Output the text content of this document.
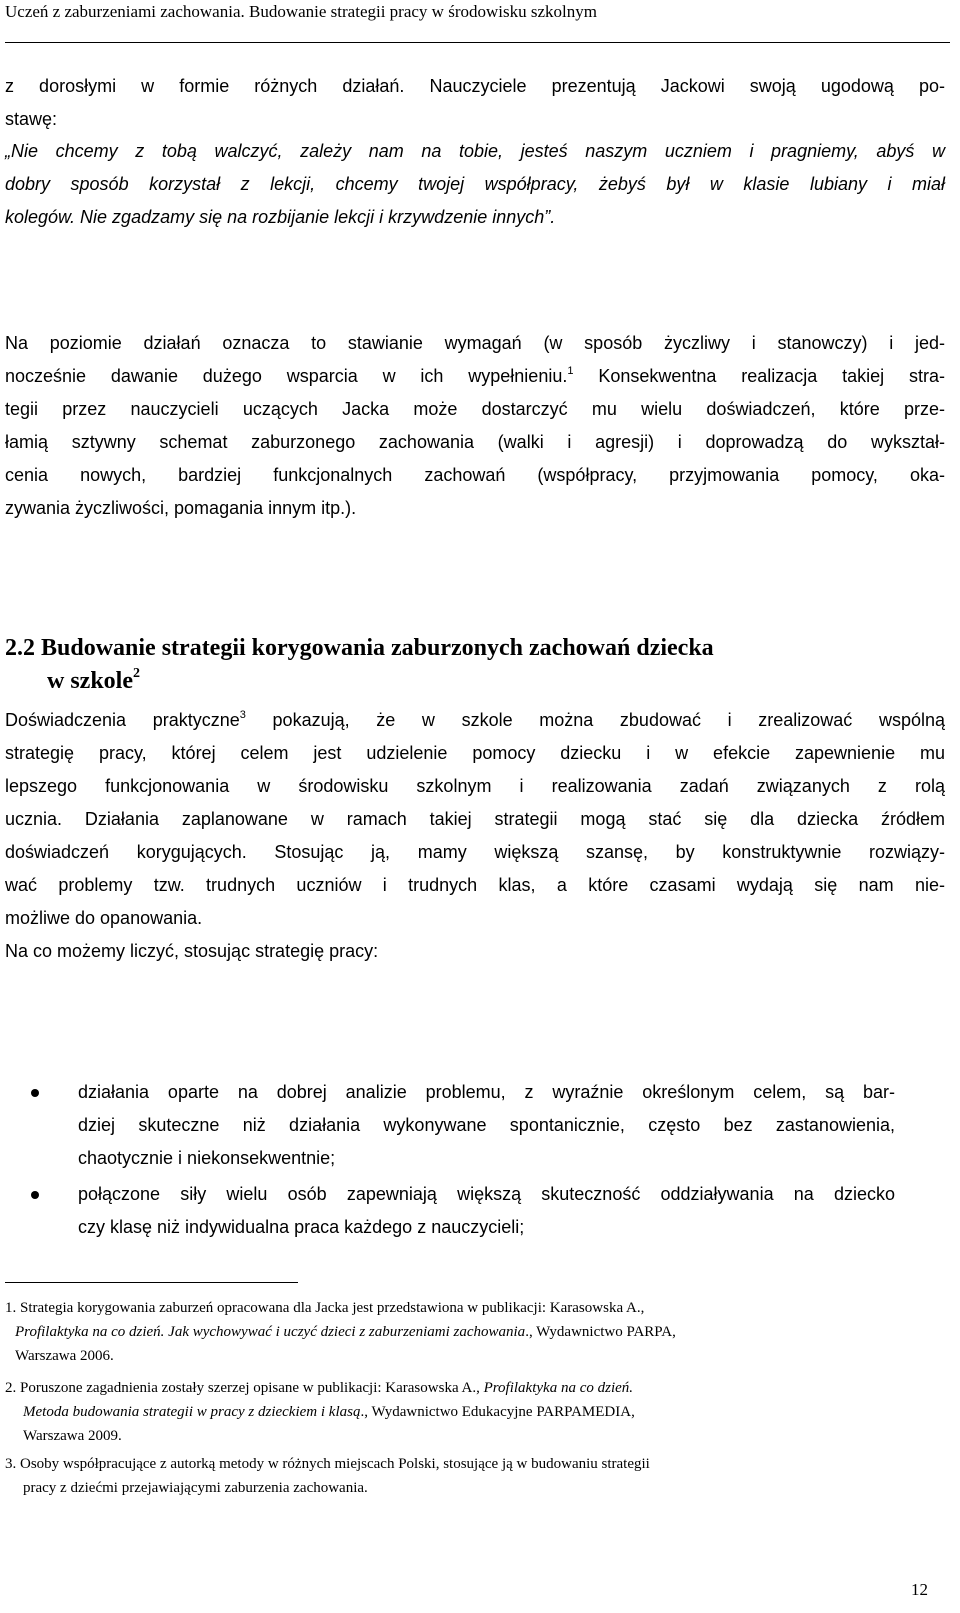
Uczeń z zaburzeniami zachowania. Budowanie strategii pracy w środowisku szkolnym
z dorosłymi w formie różnych działań. Nauczyciele prezentują Jackowi swoją ugodową po-
stawę:
„Nie chcemy z tobą walczyć, zależy nam na tobie, jesteś naszym uczniem i pragniemy, abyś w
dobry sposób korzystał z lekcji, chcemy twojej współpracy, żebyś był w klasie lubiany i miał
kolegów. Nie zgadzamy się na rozbijanie lekcji i krzywdzenie innych”.
Na poziomie działań oznacza to stawianie wymagań (w sposób życzliwy i stanowczy) i jed-
nocześnie dawanie dużego wsparcia w ich wypełnieniu.$^1$ Konsekwentna realizacja takiej stra-
tegii przez nauczycieli uczących Jacka może dostarczyć mu wielu doświadczeń, które prze-
łamią sztywny schemat zaburzonego zachowania (walki i agresji) i doprowadzą do wykształ-
cenia nowych, bardziej funkcjonalnych zachowań (współpracy, przyjmowania pomocy, oka-
zywania życzliwości, pomagania innym itp.).
2.2 Budowanie strategii korygowania zaburzonych zachowań dziecka
w szkole$^2$
Doświadczenia praktyczne$^3$ pokazują, że w szkole można zbudować i zrealizować wspólną
strategię pracy, której celem jest udzielenie pomocy dziecku i w efekcie zapewnienie mu
lepszego funkcjonowania w środowisku szkolnym i realizowania zadań związanych z rolą
ucznia. Działania zaplanowane w ramach takiej strategii mogą stać się dla dziecka źródłem
doświadczeń korygujących. Stosując ją, mamy większą szansę, by konstruktywnie rozwiązy-
wać problemy tzw. trudnych uczniów i trudnych klas, a które czasami wydają się nam nie-
możliwe do opanowania.
Na co możemy liczyć, stosując strategię pracy:
działania oparte na dobrej analizie problemu, z wyraźnie określonym celem, są bar-
dziej skuteczne niż działania wykonywane spontanicznie, często bez zastanowienia,
chaotycznie i niekonsekwentnie;
połączone siły wielu osób zapewniają większą skuteczność oddziaływania na dziecko
czy klasę niż indywidualna praca każdego z nauczycieli;
1. Strategia korygowania zaburzeń opracowana dla Jacka jest przedstawiona w publikacji: Karasowska A.,
Profilaktyka na co dzień. Jak wychowywać i uczyć dzieci z zaburzeniami zachowania., Wydawnictwo PARPA,
Warszawa 2006.
2. Poruszone zagadnienia zostały szerzej opisane w publikacji: Karasowska A., Profilaktyka na co dzień.
Metoda budowania strategii w pracy z dzieckiem i klasą., Wydawnictwo Edukacyjne PARPAMEDIA,
Warszawa 2009.
3. Osoby współpracujące z autorką metody w różnych miejscach Polski, stosujące ją w budowaniu strategii
pracy z dziećmi przejawiającymi zaburzenia zachowania.
12
